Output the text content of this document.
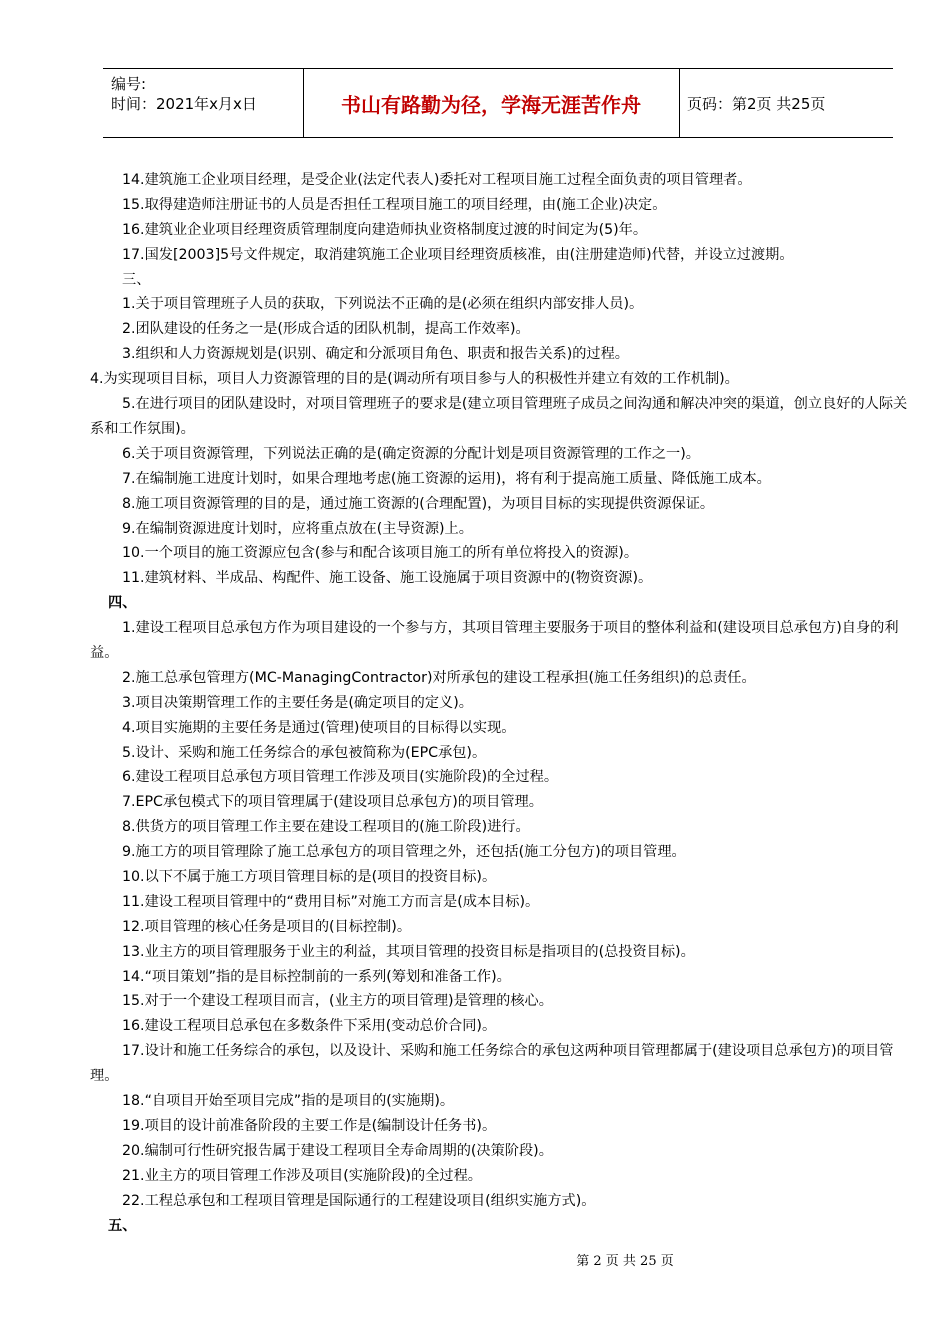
编号:
时间：2021年x月x日	书山有路勤为径，学海无涯苦作舟	页码：第2页 共25页
14.建筑施工企业项目经理，是受企业(法定代表人)委托对工程项目施工过程全面负责的项目管理者。
15.取得建造师注册证书的人员是否担任工程项目施工的项目经理，由(施工企业)决定。
16.建筑业企业项目经理资质管理制度向建造师执业资格制度过渡的时间定为(5)年。
17.国发[2003]5号文件规定，取消建筑施工企业项目经理资质核准，由(注册建造师)代替，并设立过渡期。
三、
1.关于项目管理班子人员的获取，下列说法不正确的是(必须在组织内部安排人员)。
2.团队建设的任务之一是(形成合适的团队机制，提高工作效率)。
3.组织和人力资源规划是(识别、确定和分派项目角色、职责和报告关系)的过程。
4.为实现项目目标，项目人力资源管理的目的是(调动所有项目参与人的积极性并建立有效的工作机制)。
5.在进行项目的团队建设时，对项目管理班子的要求是(建立项目管理班子成员之间沟通和解决冲突的渠道，创立良好的人际关系和工作氛围)。
6.关于项目资源管理，下列说法正确的是(确定资源的分配计划是项目资源管理的工作之一)。
7.在编制施工进度计划时，如果合理地考虑(施工资源的运用)，将有利于提高施工质量、降低施工成本。
8.施工项目资源管理的目的是，通过施工资源的(合理配置)，为项目目标的实现提供资源保证。
9.在编制资源进度计划时，应将重点放在(主导资源)上。
10.一个项目的施工资源应包含(参与和配合该项目施工的所有单位将投入的资源)。
11.建筑材料、半成品、构配件、施工设备、施工设施属于项目资源中的(物资资源)。
四、
1.建设工程项目总承包方作为项目建设的一个参与方，其项目管理主要服务于项目的整体利益和(建设项目总承包方)自身的利益。
2.施工总承包管理方(MC-ManagingContractor)对所承包的建设工程承担(施工任务组织)的总责任。
3.项目决策期管理工作的主要任务是(确定项目的定义)。
4.项目实施期的主要任务是通过(管理)使项目的目标得以实现。
5.设计、采购和施工任务综合的承包被简称为(EPC承包)。
6.建设工程项目总承包方项目管理工作涉及项目(实施阶段)的全过程。
7.EPC承包模式下的项目管理属于(建设项目总承包方)的项目管理。
8.供货方的项目管理工作主要在建设工程项目的(施工阶段)进行。
9.施工方的项目管理除了施工总承包方的项目管理之外，还包括(施工分包方)的项目管理。
10.以下不属于施工方项目管理目标的是(项目的投资目标)。
11.建设工程项目管理中的“费用目标”对施工方而言是(成本目标)。
12.项目管理的核心任务是项目的(目标控制)。
13.业主方的项目管理服务于业主的利益，其项目管理的投资目标是指项目的(总投资目标)。
14.“项目策划”指的是目标控制前的一系列(筹划和准备工作)。
15.对于一个建设工程项目而言，(业主方的项目管理)是管理的核心。
16.建设工程项目总承包在多数条件下采用(变动总价合同)。
17.设计和施工任务综合的承包，以及设计、采购和施工任务综合的承包这两种项目管理都属于(建设项目总承包方)的项目管理。
18.“自项目开始至项目完成”指的是项目的(实施期)。
19.项目的设计前准备阶段的主要工作是(编制设计任务书)。
20.编制可行性研究报告属于建设工程项目全寿命周期的(决策阶段)。
21.业主方的项目管理工作涉及项目(实施阶段)的全过程。
22.工程总承包和工程项目管理是国际通行的工程建设项目(组织实施方式)。
五、
第 2 页 共 25 页
